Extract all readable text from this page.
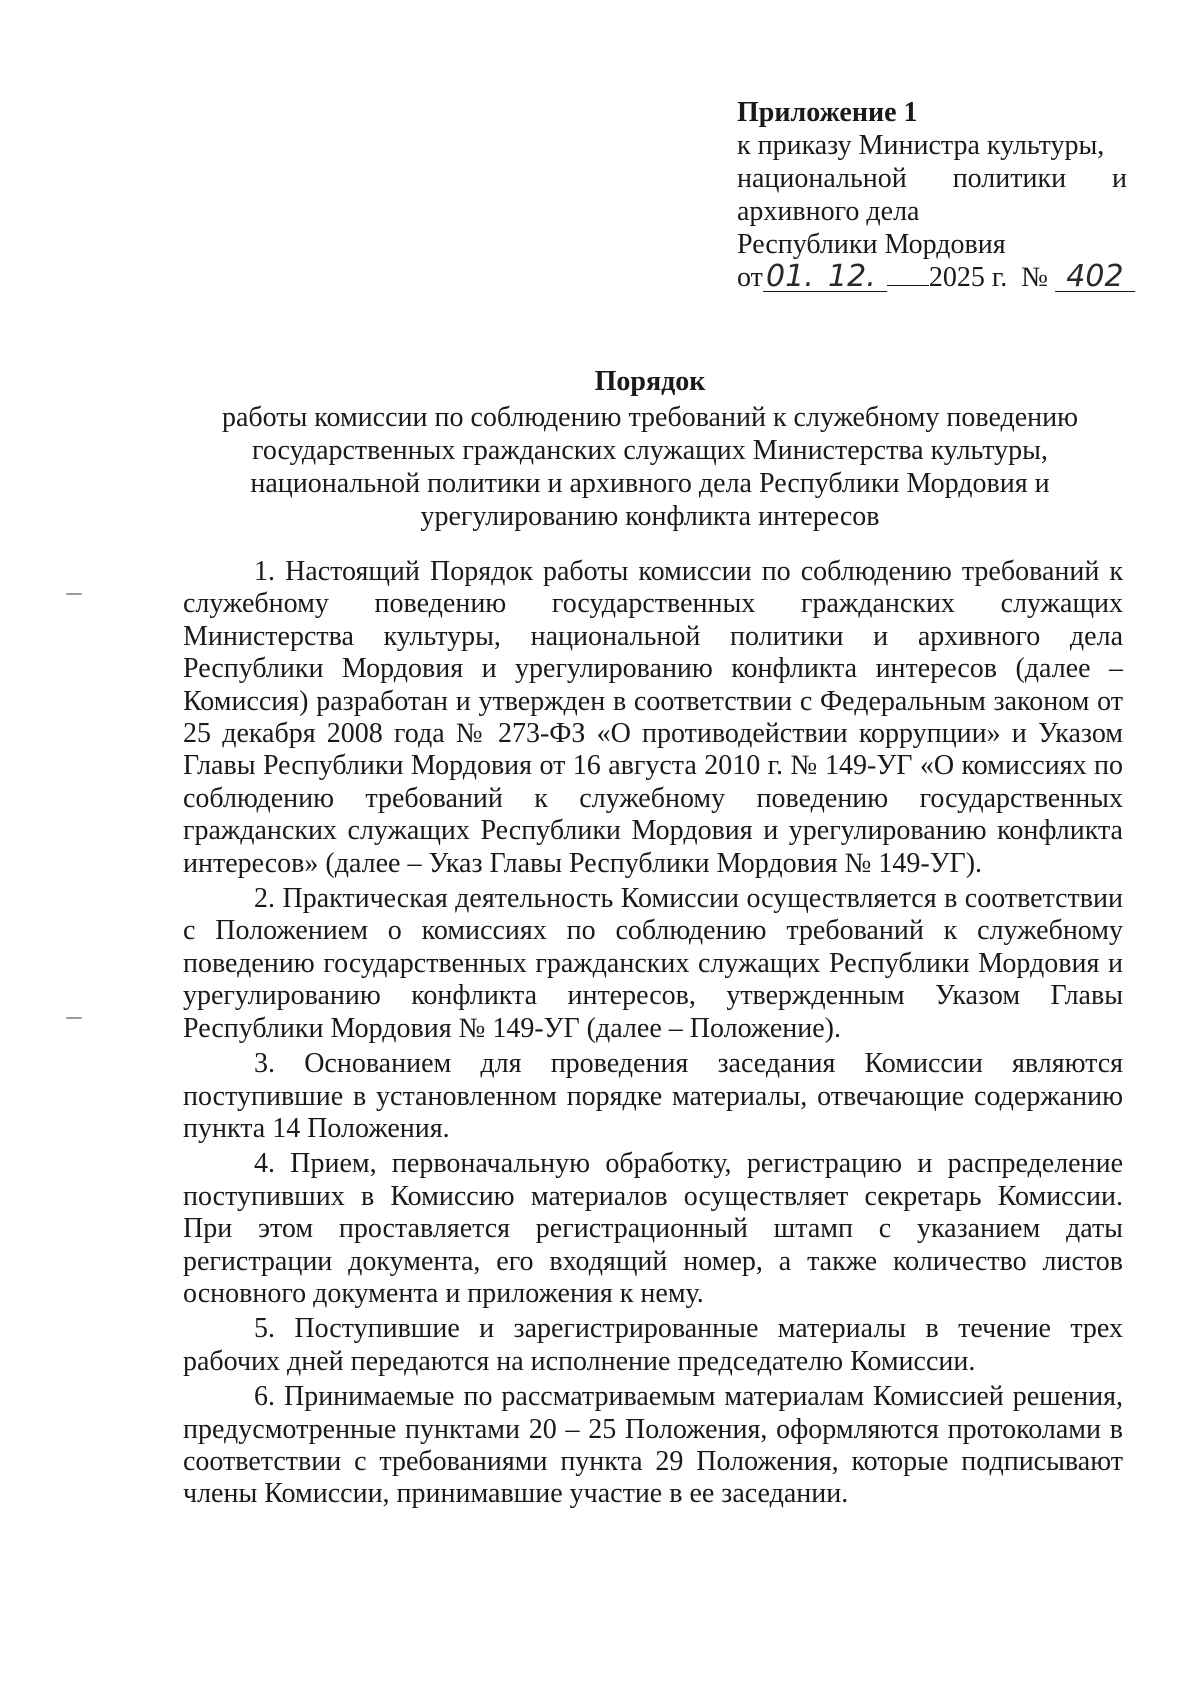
Приложение 1

к приказу Министра культуры,

национальной политики и

архивного дела

Республики Мордовия

от 01. 12. 2025 г. № 402

Порядок

работы комиссии по соблюдению требований к служебному поведению государственных гражданских служащих Министерства культуры, национальной политики и архивного дела Республики Мордовия и урегулированию конфликта интересов

1. Настоящий Порядок работы комиссии по соблюдению требований к служебному поведению государственных гражданских служащих Министерства культуры, национальной политики и архивного дела Республики Мордовия и урегулированию конфликта интересов (далее – Комиссия) разработан и утвержден в соответствии с Федеральным законом от 25 декабря 2008 года № 273-ФЗ «О противодействии коррупции» и Указом Главы Республики Мордовия от 16 августа 2010 г. № 149-УГ «О комиссиях по соблюдению требований к служебному поведению государственных гражданских служащих Республики Мордовия и урегулированию конфликта интересов» (далее – Указ Главы Республики Мордовия № 149-УГ).

2. Практическая деятельность Комиссии осуществляется в соответствии с Положением о комиссиях по соблюдению требований к служебному поведению государственных гражданских служащих Республики Мордовия и урегулированию конфликта интересов, утвержденным Указом Главы Республики Мордовия № 149-УГ (далее – Положение).

3. Основанием для проведения заседания Комиссии являются поступившие в установленном порядке материалы, отвечающие содержанию пункта 14 Положения.

4. Прием, первоначальную обработку, регистрацию и распределение поступивших в Комиссию материалов осуществляет секретарь Комиссии. При этом проставляется регистрационный штамп с указанием даты регистрации документа, его входящий номер, а также количество листов основного документа и приложения к нему.

5. Поступившие и зарегистрированные материалы в течение трех рабочих дней передаются на исполнение председателю Комиссии.

6. Принимаемые по рассматриваемым материалам Комиссией решения, предусмотренные пунктами 20 – 25 Положения, оформляются протоколами в соответствии с требованиями пункта 29 Положения, которые подписывают члены Комиссии, принимавшие участие в ее заседании.
